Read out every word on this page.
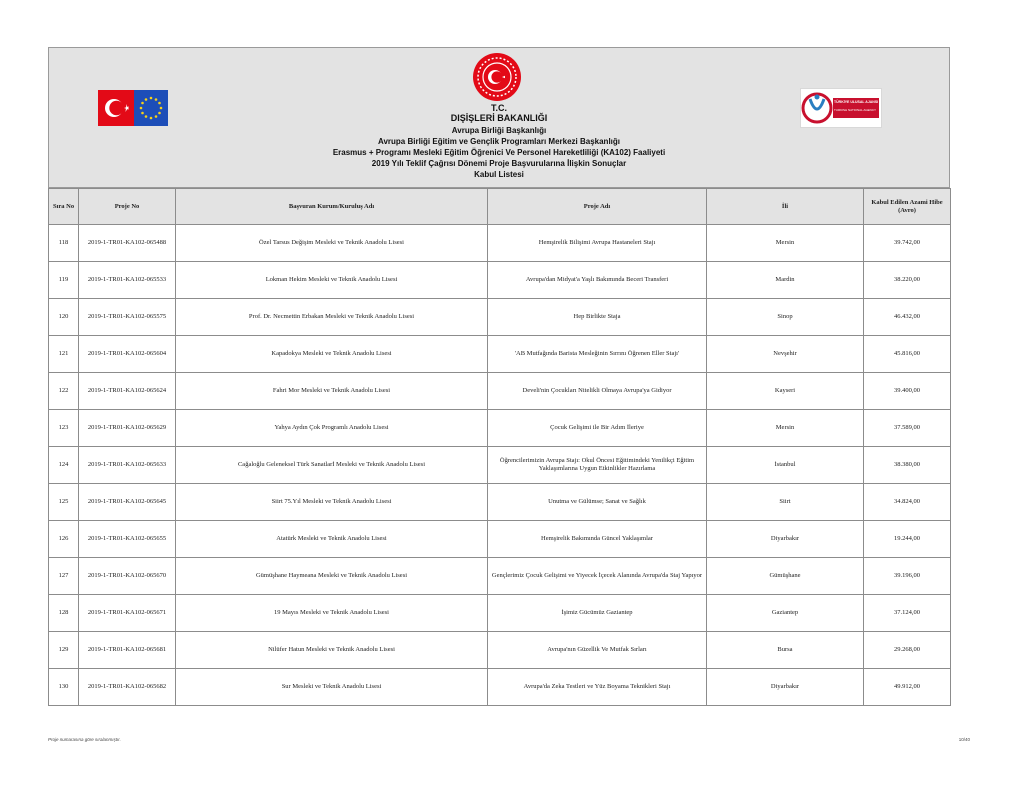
TÜRKİYE ULUSAL AJANSI
TURKISH NATIONAL AGENCY
T.C.
DIŞİŞLERİ BAKANLIĞI
Avrupa Birliği Başkanlığı
Avrupa Birliği Eğitim ve Gençlik Programları Merkezi Başkanlığı
Erasmus + Programı Mesleki Eğitim Öğrenici Ve Personel Hareketliliği (KA102) Faaliyeti
2019 Yılı Teklif Çağrısı Dönemi Proje Başvurularına İlişkin Sonuçlar
Kabul Listesi
Sıra No	Proje No	Başvuran Kurum/Kuruluş Adı	Proje Adı	İli	Kabul Edilen Azami Hibe (Avro)
118	2019-1-TR01-KA102-065488	Özel Tarsus Değişim Mesleki ve Teknik Anadolu Lisesi	Hemşirelik Bilişimi Avrupa Hastaneleri Stajı	Mersin	39.742,00
119	2019-1-TR01-KA102-065533	Lokman Hekim Mesleki ve Teknik Anadolu Lisesi	Avrupa'dan Midyat'a Yaşlı Bakımında Beceri Transferi	Mardin	38.220,00
120	2019-1-TR01-KA102-065575	Prof. Dr. Necmettin Erbakan Mesleki ve Teknik Anadolu Lisesi	Hep Birlikte Staja	Sinop	46.432,00
121	2019-1-TR01-KA102-065604	Kapadokya Mesleki ve Teknik Anadolu Lisesi	'AB Mutfağında Barista Mesleğinin Sırrını Öğrenen Eller Stajı'	Nevşehir	45.816,00
122	2019-1-TR01-KA102-065624	Fahri Mor Mesleki ve Teknik Anadolu Lisesi	Develi'nin Çocukları Nitelikli Olmaya Avrupa'ya Gidiyor	Kayseri	39.400,00
123	2019-1-TR01-KA102-065629	Yahya Aydın Çok Programlı Anadolu Lisesi	Çocuk Gelişimi ile Bir Adım İleriye	Mersin	37.589,00
124	2019-1-TR01-KA102-065633	Cağaloğlu Geleneksel Türk Sanatlarİ Mesleki ve Teknik Anadolu Lisesi	Öğrencilerimizin Avrupa Stajı: Okul Öncesi Eğitimindeki Yenilikçi Eğitim Yaklaşımlarına Uygun Etkinlikler Hazırlama	İstanbul	38.380,00
125	2019-1-TR01-KA102-065645	Siirt 75.Yıl Mesleki ve Teknik Anadolu Lisesi	Unutma ve Gülümse; Sanat ve Sağlık	Siirt	34.824,00
126	2019-1-TR01-KA102-065655	Atatürk Mesleki ve Teknik Anadolu Lisesi	Hemşirelik Bakımında Güncel Yaklaşımlar	Diyarbakır	19.244,00
127	2019-1-TR01-KA102-065670	Gümüşhane Haymeana Mesleki ve Teknik Anadolu Lisesi	Gençlerimiz Çocuk Gelişimi ve Yiyecek İçecek Alanında Avrupa'da Staj Yapıyor	Gümüşhane	39.196,00
128	2019-1-TR01-KA102-065671	19 Mayıs Mesleki ve Teknik Anadolu Lisesi	İşimiz Gücümüz Gaziantep	Gaziantep	37.124,00
129	2019-1-TR01-KA102-065681	Nilüfer Hatun Mesleki ve Teknik Anadolu Lisesi	Avrupa'nın Güzellik Ve Mutfak Sırları	Bursa	29.268,00
130	2019-1-TR01-KA102-065682	Sur Mesleki ve Teknik Anadolu Lisesi	Avrupa'da Zeka Testleri ve Yüz Boyama Teknikleri Stajı	Diyarbakır	49.912,00
Proje numarasına göre sıralanmıştır.	10/40
